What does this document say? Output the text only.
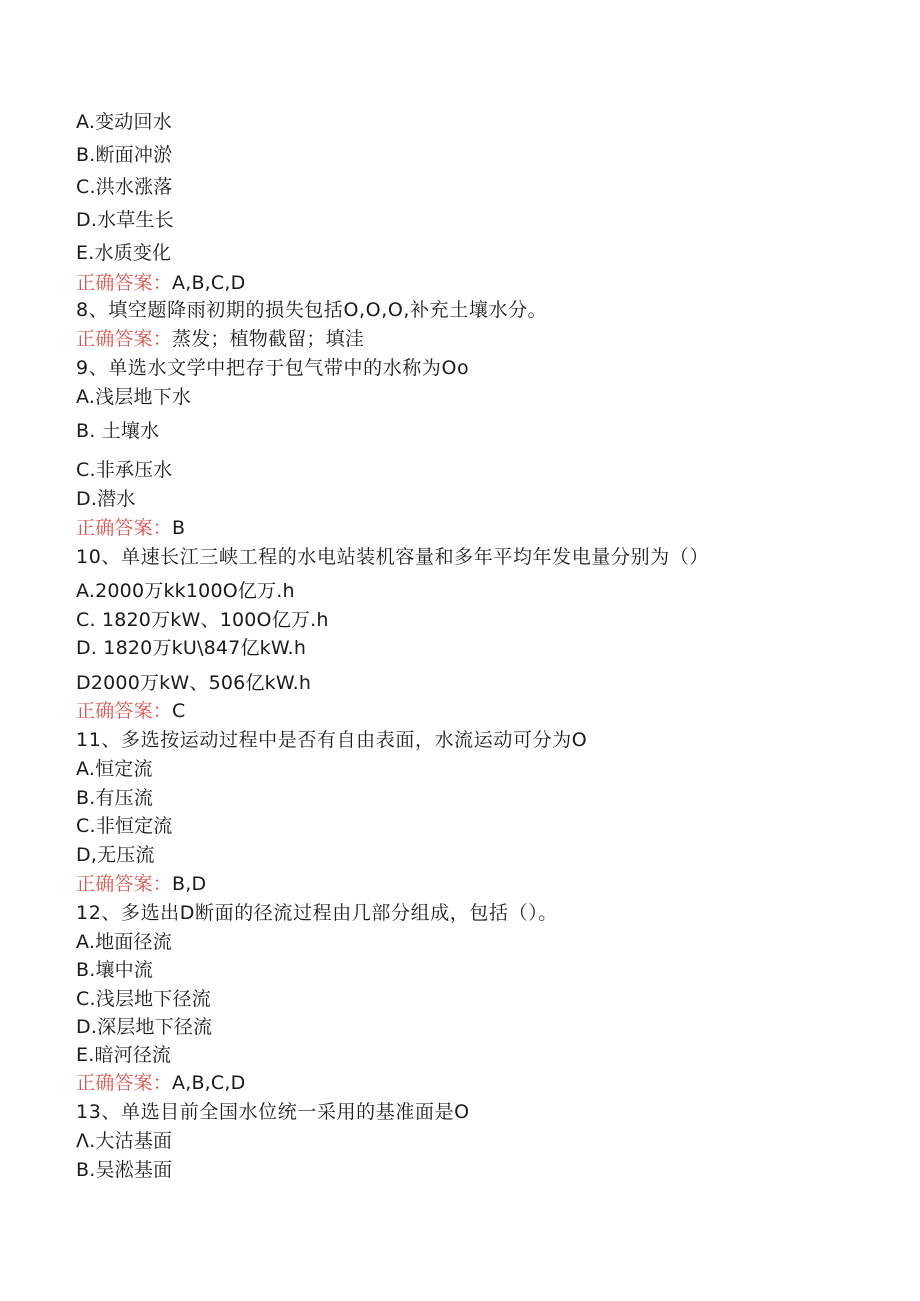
A.变动回水
B.断面冲淤
C.洪水涨落
D.水草生长
E.水质变化
正确答案：A,B,C,D
8、填空题降雨初期的损失包括O,O,O,补充土壤水分。
正确答案：蒸发；植物截留；填洼
9、单选水文学中把存于包气带中的水称为Oo
A.浅层地下水
B. 土壤水
C.非承压水
D.潜水
正确答案：B
10、单速长江三峡工程的水电站装机容量和多年平均年发电量分别为（）
A.2000万kk100O亿万.h
C. 1820万kW、100O亿万.h
D. 1820万kU\847亿kW.h
D2000万kW、506亿kW.h
正确答案：C
11、多选按运动过程中是否有自由表面，水流运动可分为O
A.恒定流
B.有压流
C.非恒定流
D,无压流
正确答案：B,D
12、多选出D断面的径流过程由几部分组成，包括（）。
A.地面径流
B.壤中流
C.浅层地下径流
D.深层地下径流
E.暗河径流
正确答案：A,B,C,D
13、单选目前全国水位统一采用的基准面是O
Λ.大沽基面
B.吴淞基面
